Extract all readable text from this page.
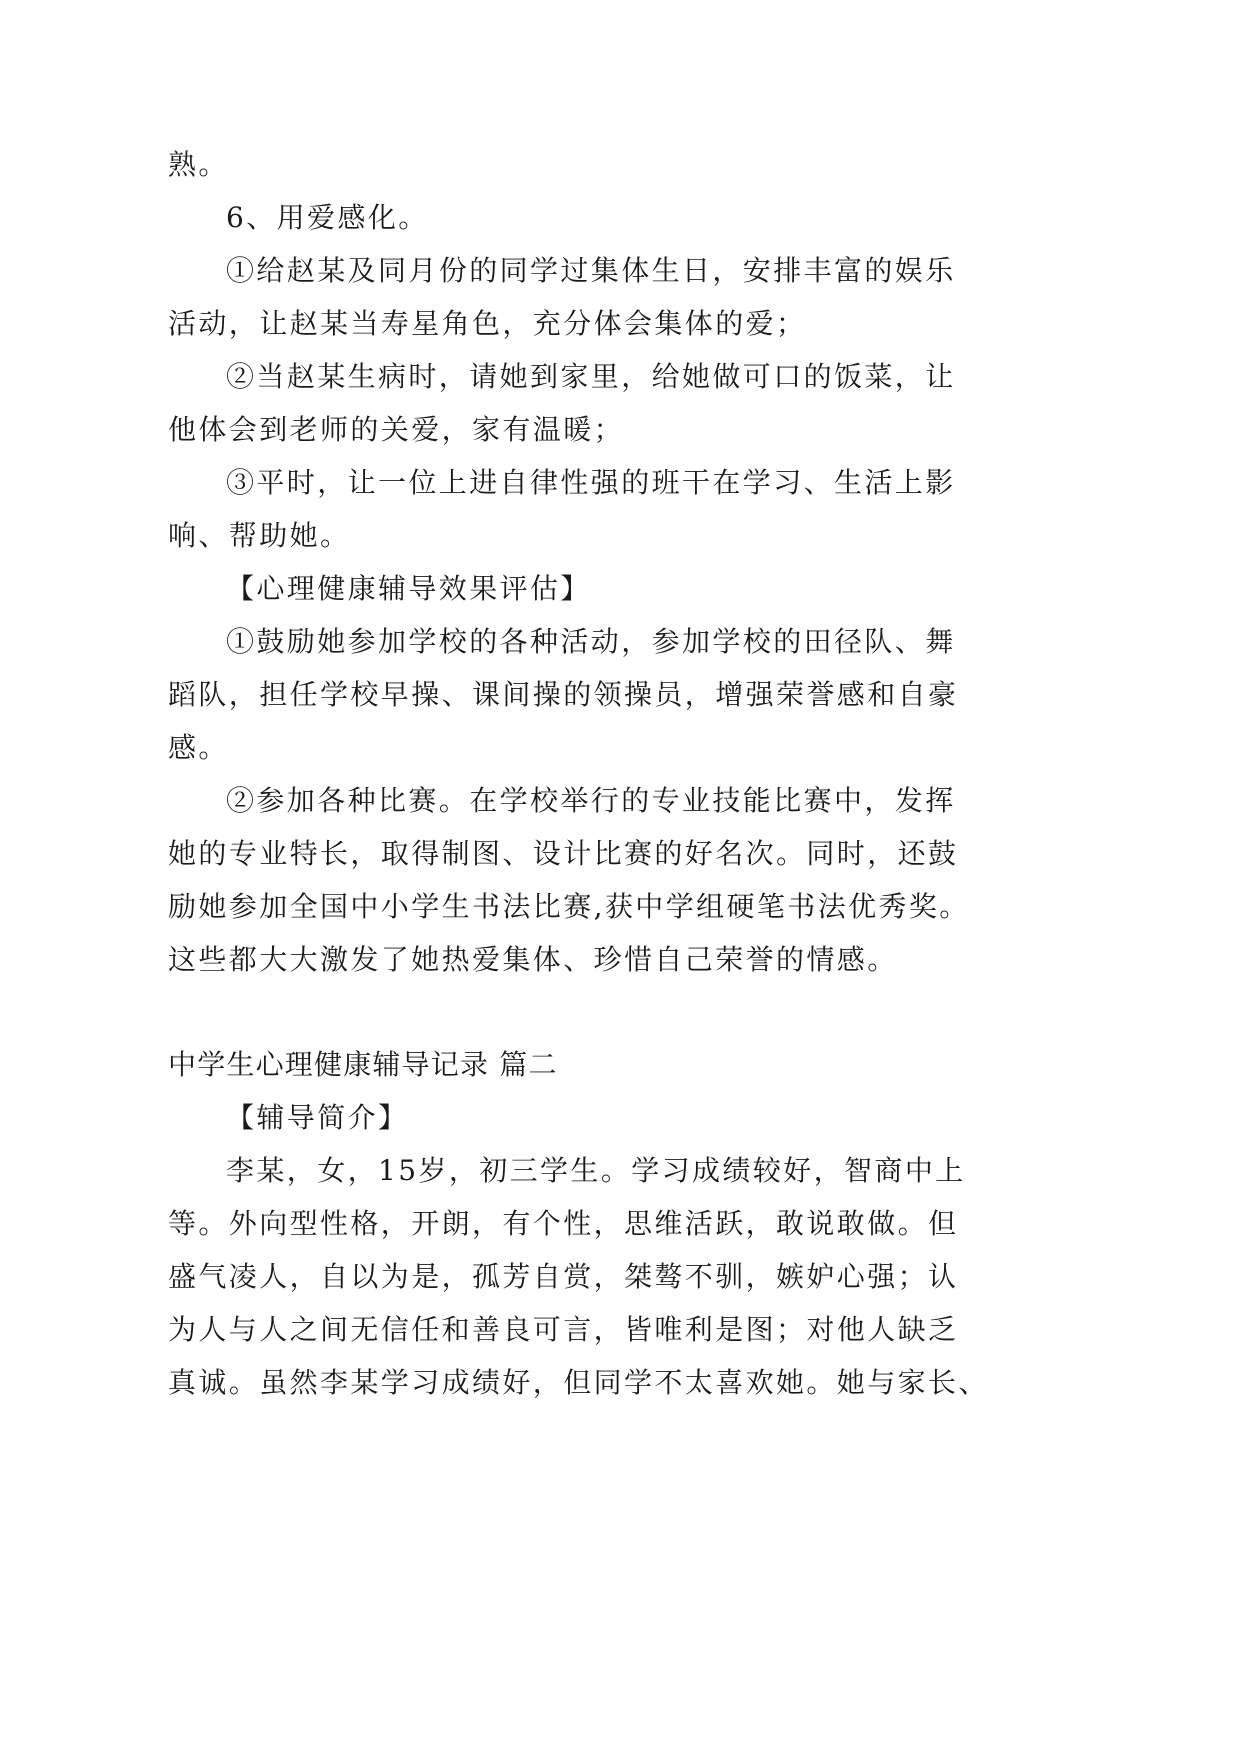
熟。
6、用爱感化。
①给赵某及同月份的同学过集体生日，安排丰富的娱乐
活动，让赵某当寿星角色，充分体会集体的爱；
②当赵某生病时，请她到家里，给她做可口的饭菜，让
他体会到老师的关爱，家有温暖；
③平时，让一位上进自律性强的班干在学习、生活上影
响、帮助她。
【心理健康辅导效果评估】
①鼓励她参加学校的各种活动，参加学校的田径队、舞
蹈队，担任学校早操、课间操的领操员，增强荣誉感和自豪
感。
②参加各种比赛。在学校举行的专业技能比赛中，发挥
她的专业特长，取得制图、设计比赛的好名次。同时，还鼓
励她参加全国中小学生书法比赛,获中学组硬笔书法优秀奖。
这些都大大激发了她热爱集体、珍惜自己荣誉的情感。
中学生心理健康辅导记录 篇二
【辅导简介】
李某，女，15岁，初三学生。学习成绩较好，智商中上
等。外向型性格，开朗，有个性，思维活跃，敢说敢做。但
盛气凌人，自以为是，孤芳自赏，桀骜不驯，嫉妒心强；认
为人与人之间无信任和善良可言，皆唯利是图；对他人缺乏
真诚。虽然李某学习成绩好，但同学不太喜欢她。她与家长、
